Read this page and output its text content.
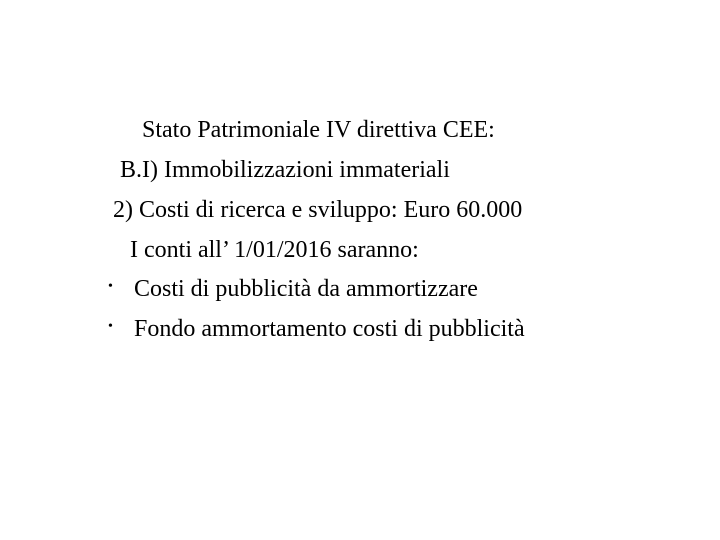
Stato Patrimoniale IV direttiva CEE:
B.I) Immobilizzazioni immateriali
2) Costi di ricerca e sviluppo: Euro 60.000
I conti all’ 1/01/2016 saranno:
• Costi di pubblicità da ammortizzare
• Fondo ammortamento costi di pubblicità
